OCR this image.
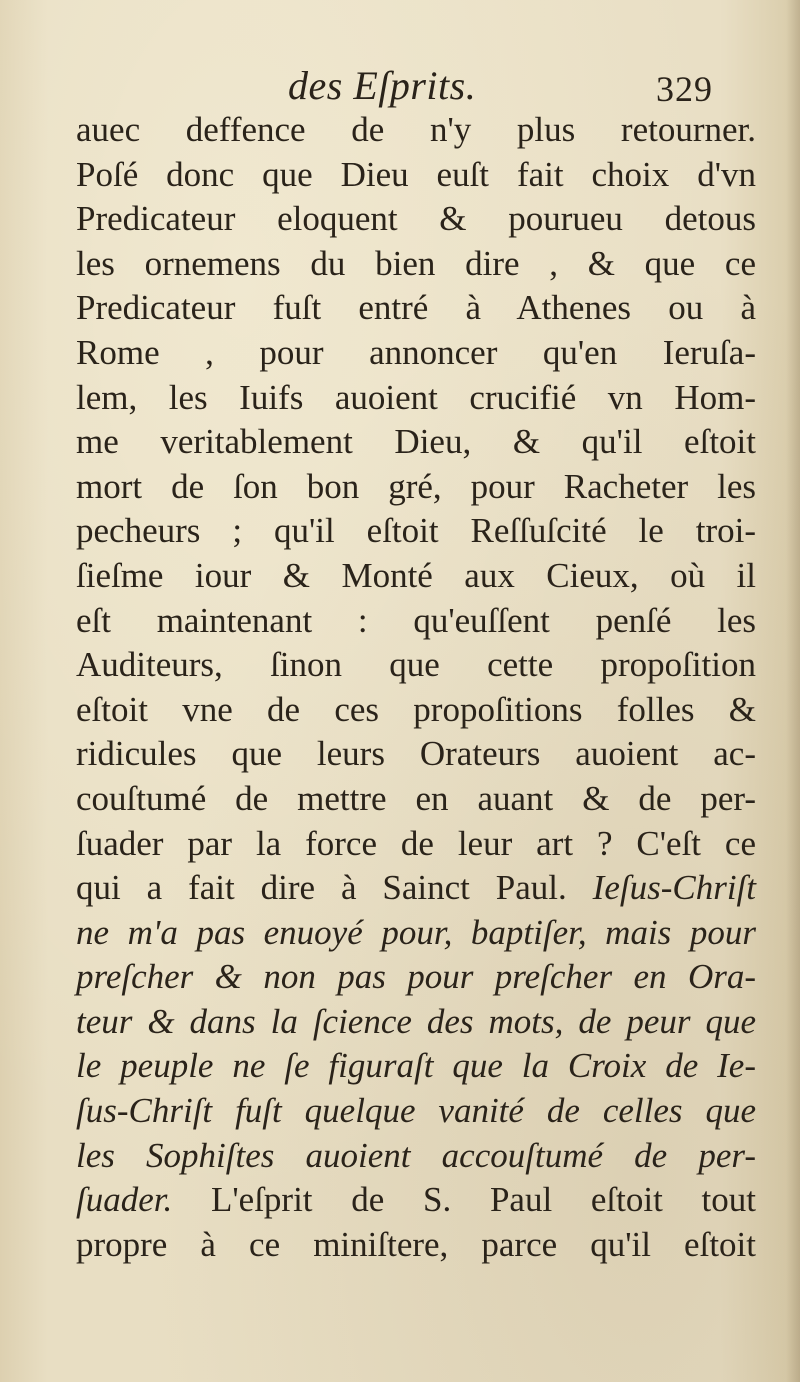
des Eſprits.	329
auec deffence de n'y plus retourner.
Poſé donc que Dieu euſt fait choix d'vn
Predicateur eloquent & pourueu detous
les ornemens du bien dire , & que ce
Predicateur fuſt entré à Athenes ou à
Rome , pour annoncer qu'en Ieruſa-
lem, les Iuifs auoient crucifié vn Hom-
me veritablement Dieu, & qu'il eſtoit
mort de ſon bon gré, pour Racheter les
pecheurs ; qu'il eſtoit Reſſuſcité le troi-
ſieſme iour & Monté aux Cieux, où il
eſt maintenant : qu'euſſent penſé les
Auditeurs, ſinon que cette propoſition
eſtoit vne de ces propoſitions folles &
ridicules que leurs Orateurs auoient ac-
couſtumé de mettre en auant & de per-
ſuader par la force de leur art ? C'eſt ce
qui a fait dire à Sainct Paul. Ieſus-Chriſt
ne m'a pas enuoyé pour, baptiſer, mais pour
preſcher & non pas pour preſcher en Ora-
teur & dans la ſcience des mots, de peur que
le peuple ne ſe figuraſt que la Croix de Ie-
ſus-Chriſt fuſt quelque vanité de celles que
les Sophiſtes auoient accouſtumé de per-
ſuader. L'eſprit de S. Paul eſtoit tout
propre à ce miniſtere, parce qu'il eſtoit
